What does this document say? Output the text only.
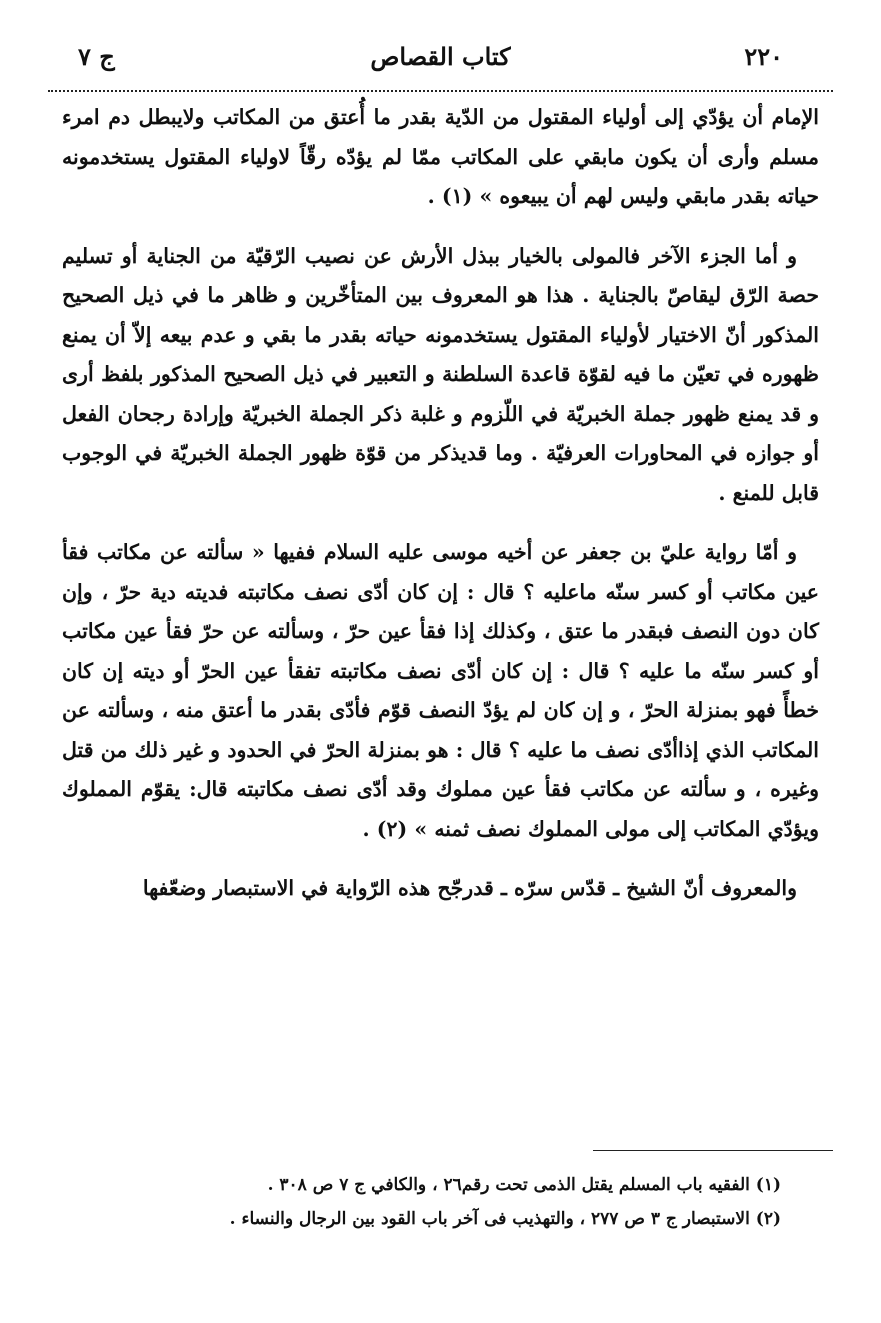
٢٢٠
كتاب القصاص
ج ٧

الإمام أن يؤدّي إلى أولياء المقتول من الدّية بقدر ما أُعتق من المكاتب ولايبطل دم امرء مسلم وأرى أن يكون مابقي على المكاتب ممّا لم يؤدّه رقّاً لاولياء المقتول يستخدمونه حياته بقدر مابقي وليس لهم أن يبيعوه » (١) .

و أما الجزء الآخر فالمولى بالخيار ببذل الأرش عن نصيب الرّقيّة من الجناية أو تسليم حصة الرّق ليقاصّ بالجناية . هذا هو المعروف بين المتأخّرين و ظاهر ما في ذيل الصحيح المذكور أنّ الاختيار لأولياء المقتول يستخدمونه حياته بقدر ما بقي و عدم بيعه إلاّ أن يمنع ظهوره في تعيّن ما فيه لقوّة قاعدة السلطنة و التعبير في ذيل الصحيح المذكور بلفظ أرى و قد يمنع ظهور جملة الخبريّة في اللّزوم و غلبة ذكر الجملة الخبريّة وإرادة رجحان الفعل أو جوازه في المحاورات العرفيّة . وما قديذكر من قوّة ظهور الجملة الخبريّة في الوجوب قابل للمنع .

و أمّا رواية عليّ بن جعفر عن أخيه موسى عليه السلام ففيها « سألته عن مكاتب فقأ عين مكاتب أو كسر سنّه ماعليه ؟ قال : إن كان أدّى نصف مكاتبته فديته دية حرّ ، وإن كان دون النصف فبقدر ما عتق ، وكذلك إذا فقأ عين حرّ ، وسألته عن حرّ فقأ عين مكاتب أو كسر سنّه ما عليه ؟ قال : إن كان أدّى نصف مكاتبته تفقأ عين الحرّ أو ديته إن كان خطأً فهو بمنزلة الحرّ ، و إن كان لم يؤدّ النصف قوّم فأدّى بقدر ما أعتق منه ، وسألته عن المكاتب الذي إذاأدّى نصف ما عليه ؟ قال : هو بمنزلة الحرّ في الحدود و غير ذلك من قتل وغيره ، و سألته عن مكاتب فقأ عين مملوك وقد أدّى نصف مكاتبته قال: يقوّم المملوك ويؤدّي المكاتب إلى مولى المملوك نصف ثمنه » (٢) .

والمعروف أنّ الشيخ ـ قدّس سرّه ـ قدرجّح هذه الرّواية في الاستبصار وضعّفها

(١) الفقيه باب المسلم يقتل الذمى تحت رقم٢٦ ، والكافي ج ٧ ص ٣٠٨ .
(٢) الاستبصار ج ٣ ص ٢٧٧ ، والتهذيب فى آخر باب القود بين الرجال والنساء .
